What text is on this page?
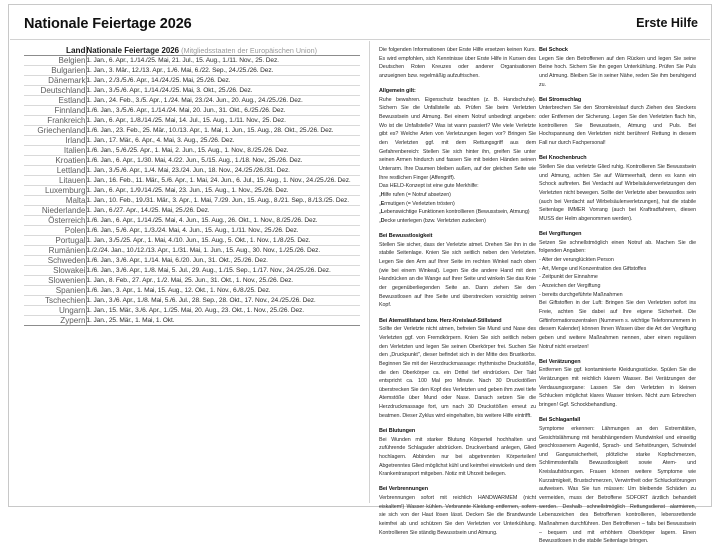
Nationale Feiertage 2026	Erste Hilfe
Land	Nationale Feiertage 2026 (Mitgliedsstaaten der Europäischen Union)
Belgien	1. Jan., 6. Apr., 1./14./25. Mai, 21. Jul., 15. Aug., 1./11. Nov., 25. Dez.
Bulgarien	1. Jan., 3. Mär., 12./13. Apr., 1./6. Mai, 6./22. Sep., 24./25./26. Dez.
Dänemark	1. Jan., 2./3./5./6. Apr., 14./24./25. Mai, 25./26. Dez.
Deutschland	1. Jan., 3./5./6. Apr., 1./14./24./25. Mai, 3. Okt., 25./26. Dez.
Estland	1. Jan., 24. Feb., 3./5. Apr., 1./24. Mai, 23./24. Jun., 20. Aug., 24./25./26. Dez.
Finnland	1./6. Jan., 3./5./6. Apr., 1./14./24. Mai, 20. Jun., 31. Okt., 6./25./26. Dez.
Frankreich	1. Jan., 6. Apr., 1./8./14./25. Mai, 14. Jul., 15. Aug., 1./11. Nov., 25. Dez.
Griechenland	1./6. Jan., 23. Feb., 25. Mär., 10./13. Apr., 1. Mai, 1. Jun., 15. Aug., 28. Okt., 25./26. Dez.
Irland	1. Jan., 17. Mär., 6. Apr., 4. Mai, 3. Aug., 25./26. Dez.
Italien	1./6. Jan., 5./6./25. Apr., 1. Mai, 2. Jun., 15. Aug., 1. Nov., 8./25./26. Dez.
Kroatien	1./6. Jan., 6. Apr., 1./30. Mai, 4./22. Jun., 5./15. Aug., 1./18. Nov., 25./26. Dez.
Lettland	1. Jan., 3./5./6. Apr., 1./4. Mai, 23./24. Jun., 18. Nov., 24./25./26./31. Dez.
Litauen	1. Jan., 16. Feb., 11. Mär., 5./6. Apr., 1. Mai, 24. Jun., 6. Jul., 15. Aug., 1. Nov., 24./25./26. Dez.
Luxemburg	1. Jan., 6. Apr., 1./9./14./25. Mai, 23. Jun., 15. Aug., 1. Nov., 25./26. Dez.
Malta	1. Jan., 10. Feb., 19./31. Mär., 3. Apr., 1. Mai, 7./29. Jun., 15. Aug., 8./21. Sep., 8./13./25. Dez.
Niederlande	1. Jan., 6./27. Apr., 14./25. Mai, 25./26. Dez.
Österreich	1./6. Jan., 6. Apr., 1./14./25. Mai, 4. Jun., 15. Aug., 26. Okt., 1. Nov., 8./25./26. Dez.
Polen	1./6. Jan., 5./6. Apr., 1./3./24. Mai, 4. Jun., 15. Aug., 1./11. Nov., 25./26. Dez.
Portugal	1. Jan., 3./5./25. Apr., 1. Mai, 4./10. Jun., 15. Aug., 5. Okt., 1. Nov., 1./8./25. Dez.
Rumänien	1./2./24. Jan., 10./12./13. Apr., 1./31. Mai, 1. Jun., 15. Aug., 30. Nov., 1./25./26. Dez.
Schweden	1./6. Jan., 3./6. Apr., 1./14. Mai, 6./20. Jun., 31. Okt., 25./26. Dez.
Slowakei	1./6. Jan., 3./6. Apr., 1./8. Mai, 5. Jul., 29. Aug., 1./15. Sep., 1./17. Nov., 24./25./26. Dez.
Slowenien	1. Jan., 8. Feb., 27. Apr., 1./2. Mai, 25. Jun., 31. Okt., 1. Nov., 25./26. Dez.
Spanien	1./6. Jan., 3. Apr., 1. Mai, 15. Aug., 12. Okt., 1. Nov., 6./8./25. Dez.
Tschechien	1. Jan., 3./6. Apr., 1./8. Mai, 5./6. Jul., 28. Sep., 28. Okt., 17. Nov., 24./25./26. Dez.
Ungarn	1. Jan., 15. Mär., 3./6. Apr., 1./25. Mai, 20. Aug., 23. Okt., 1. Nov., 25./26. Dez.
Zypern	1. Jan., 25. Mär., 1. Mai, 1. Okt.

Die folgenden Informationen über Erste Hilfe ersetzen keinen Kurs. Es wird empfohlen, sich Kenntnisse über Erste Hilfe in Kursen des Deutschen Roten Kreuzes oder anderer Organisationen anzueignen bzw. regelmäßig aufzufrischen.

Allgemein gilt:

Ruhe bewahren. Eigenschutz beachten (z. B. Handschuhe). Sichern Sie die Unfallstelle ab. Prüfen Sie beim Verletzten Bewusstsein und Atmung. Bei einem Notruf unbedingt angeben: Wo ist die Unfallstelle? Was ist wann passiert? Wie viele Verletzte gibt es? Welche Arten von Verletzungen liegen vor? Bringen Sie den Verletzten ggf. mit dem Rettungsgriff aus dem Gefahrenbereich: Stellen Sie sich hinter ihn, greifen Sie unter seinen Armen hindurch und fassen Sie mit beiden Händen seinen Unterarm. Ihre Daumen bleiben außen, auf der gleichen Seite wie Ihre restlichen Finger (Affengriff).

Das HELD-Konzept ist eine gute Merkhilfe:

„Hilfe rufen (= Notruf absetzen)
„Ermutigen (= Verletzten trösten)
„Lebenswichtige Funktionen kontrollieren (Bewusstsein, Atmung)
„Decke unterlegen (bzw. Verletzten zudecken)
Bei Bewusstlosigkeit

Stellen Sie sicher, dass der Verletzte atmet. Drehen Sie ihn in die stabile Seitenlage. Knien Sie sich seitlich neben den Verletzten. Legen Sie den Arm auf Ihrer Seite im rechten Winkel nach oben (wie bei einem Winkeal). Legen Sie die andere Hand mit dem Handrücken an die Wange auf Ihrer Seite und winkeln Sie das Knie der gegenüberliegenden Seite an. Dann ziehen Sie den Bewusstlosen auf Ihre Seite und überstrecken vorsichtig seinen Kopf.

Bei Atemstillstand bzw. Herz-Kreislauf-Stillstand

Sollte der Verletzte nicht atmen, befreien Sie Mund und Nase des Verletzten ggf. von Fremdkörpern. Knien Sie sich seitlich neben den Verletzten und legen Sie seinen Oberkörper frei. Suchen Sie den „Druckpunkt", dieser befindet sich in der Mitte des Brustkorbs. Beginnen Sie mit der Herzdruckmassage: rhythmische Druckstöße, die den Oberkörper ca. ein Drittel tief eindrücken. Der Takt entspricht ca. 100 Mal pro Minute. Nach 30 Druckstößen überstrecken Sie den Kopf des Verletzten und geben ihm zwei tiefe Atemstöße über Mund oder Nase. Danach setzen Sie die Herzdruckmassage fort, um nach 30 Druckstößen erneut zu beatmen. Dieser Zyklus wird eingehalten, bis weitere Hilfe eintrifft.

Bei Blutungen

Bei Wunden mit starker Blutung Körperteil hochhalten und zuführende Schlagader abdrücken. Druckverband anlegen, Glied hochlagern. Abbinden nur bei abgetrennten Körperteilen! Abgetrenntes Glied möglichst kühl und keimfrei einwickeln und dem Krankentransport mitgeben. Notiz mit Uhrzeit beilegen.

Bei Verbrennungen

Verbrennungen sofort mit reichlich HANDWARMEM (nicht eiskaltem!) Wasser kühlen. Verbrannte Kleidung entfernen, sofern sie sich von der Haut lösen lässt. Decken Sie die Brandwunde keimfrei ab und schützen Sie den Verletzten vor Unterkühlung. Kontrollieren Sie ständig Bewusstsein und Atmung.

Bei Schock

Legen Sie den Betroffenen auf den Rücken und legen Sie seine Beine hoch. Sichern Sie ihn gegen Unterkühlung. Prüfen Sie Puls und Atmung. Bleiben Sie in seiner Nähe, reden Sie ihm beruhigend zu.

Bei Stromschlag

Unterbrechen Sie den Stromkreislauf durch Ziehen des Steckers oder Entfernen der Sicherung. Legen Sie den Verletzten flach hin, kontrollieren Sie Bewusstsein, Atmung und Puls. Bei Hochspannung den Verletzten nicht berühren! Rettung in diesem Fall nur durch Fachpersonal!

Bei Knochenbruch

Stellen Sie das verletzte Glied ruhig. Kontrollieren Sie Bewusstsein und Atmung, achten Sie auf Wärmeerhalt, denn es kann ein Schock auftreten. Bei Verdacht auf Wirbelsäulenverletzungen den Verletzten nicht bewegen. Sollte der Verletzte aber bewusstlos sein (auch bei Verdacht auf Wirbelsäulenverletzungen), hat die stabile Seitenlage IMMER Vorrang (auch bei Kraftradfahrern, diesen MUSS der Helm abgenommen werden).

Bei Vergiftungen

Setzen Sie schnellstmöglich einen Notruf ab. Machen Sie die folgenden Angaben:

- Alter der verunglückten Person
- Art, Menge und Konzentration des Giftstoffes
- Zeitpunkt der Einnahme
- Anzeichen der Vergiftung
- bereits durchgeführte Maßnahmen

Bei Giftstoffen in der Luft: Bringen Sie den Verletzten sofort ins Freie, achten Sie dabei auf Ihre eigene Sicherheit. Die Giftinformationszentralen (Nummern s. wichtige Telefonnummern in diesem Kalender) können Ihnen Wissen über die Art der Vergiftung geben und weitere Maßnahmen nennen, aber einen regulären Notruf nicht ersetzen!

Bei Verätzungen

Entfernen Sie ggf. kontaminierte Kleidungsstücke. Spülen Sie die Verätzungen mit reichlich klarem Wasser. Bei Verätzungen der Verdauungsorgane: Lassen Sie den Verletzten in kleinen Schlucken möglichst klares Wasser trinken. Nicht zum Erbrechen bringen! Ggf. Schockbehandlung.

Bei Schlaganfall

Symptome erkennen: Lähmungen an den Extremitäten, Gesichtslähmung mit herabhängendem Mundwinkel und einseitig geschlossenem Augenlid, Sprach- und Sehstörungen, Schwindel und Gangunsicherheit, plötzliche starke Kopfschmerzen, Schlimmstenfalls Bewusstlosigkeit sowie Atem- und Kreislaufstörungen. Frauen können weitere Symptome wie Kurzatmigkeit, Brustschmerzen, Verwirrtheit oder Schluckstörungen aufweisen. Was Sie tun müssen: Um bleibende Schäden zu vermeiden, muss der Betroffene SOFORT ärztlich behandelt werden. Deshalb schnellstmöglich Rettungsdienst alarmieren, Lebenszeichen des Betroffenen kontrollieren, lebensrettende Maßnahmen durchführen. Den Betroffenen – falls bei Bewusstsein – bequem und mit erhöhtem Oberkörper lagern. Einen Bewusstlosen in die stabile Seitenlage bringen.
